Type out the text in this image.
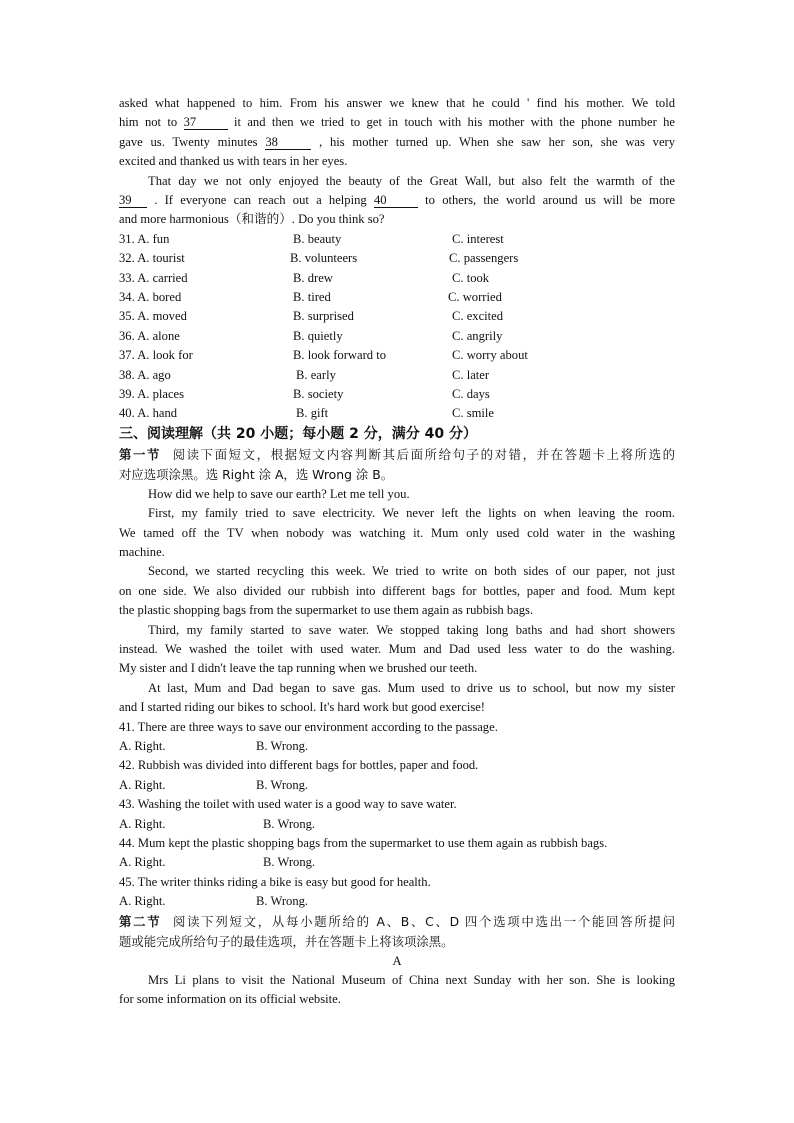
asked what happened to him. From his answer we knew that he could ' find his mother. We told
him not to 37	it and then we tried to get in touch with his mother with the phone number he
gave us. Twenty minutes 38	, his mother turned up. When she saw her son, she was very
excited and thanked us with tears in her eyes.
That day we not only enjoyed the beauty of the Great Wall, but also felt the warmth of the
39 . If everyone can reach out a helping 40	to others, the world around us will be more
and more harmonious（和谐的）. Do you think so?
31. A. fun	B. beauty	C. interest
32. A. tourist	B. volunteers	C. passengers
33. A. carried	B. drew	C. took
34. A. bored	B. tired	C. worried
35. A. moved	B. surprised	C. excited
36. A. alone	B. quietly	C. angrily
37. A. look for	B. look forward to	C. worry about
38. A. ago	B. early	C. later
39. A. places	B. society	C. days
40. A. hand	B. gift	C. smile
三、阅读理解（共 20 小题；每小题 2 分，满分 40 分）
第一节 阅读下面短文，根据短文内容判断其后面所给句子的对错，并在答题卡上将所选的
对应选项涂黑。选 Right 涂 A，选 Wrong 涂 B。
How did we help to save our earth? Let me tell you.
First, my family tried to save electricity. We never left the lights on when leaving the room.
We tamed off the TV when nobody was watching it. Mum only used cold water in the washing
machine.
Second, we started recycling this week. We tried to write on both sides of our paper, not just
on one side. We also divided our rubbish into different bags for bottles, paper and food. Mum kept
the plastic shopping bags from the supermarket to use them again as rubbish bags.
Third, my family started to save water. We stopped taking long baths and had short showers
instead. We washed the toilet with used water. Mum and Dad used less water to do the washing.
My sister and I didn't leave the tap running when we brushed our teeth.
At last, Mum and Dad began to save gas. Mum used to drive us to school, but now my sister
and I started riding our bikes to school. It's hard work but good exercise!
41. There are three ways to save our environment according to the passage.
A. Right.	B. Wrong.
42. Rubbish was divided into different bags for bottles, paper and food.
A. Right.	B. Wrong.
43. Washing the toilet with used water is a good way to save water.
A. Right.	B. Wrong.
44. Mum kept the plastic shopping bags from the supermarket to use them again as rubbish bags.
A. Right.	B. Wrong.
45. The writer thinks riding a bike is easy but good for health.
A. Right.	B. Wrong.
第二节 阅读下列短文，从每小题所给的 A、B、C、D 四个选项中选出一个能回答所提问
题或能完成所给句子的最佳选项，并在答题卡上将该项涂黑。
A
Mrs Li plans to visit the National Museum of China next Sunday with her son. She is looking
for some information on its official website.
